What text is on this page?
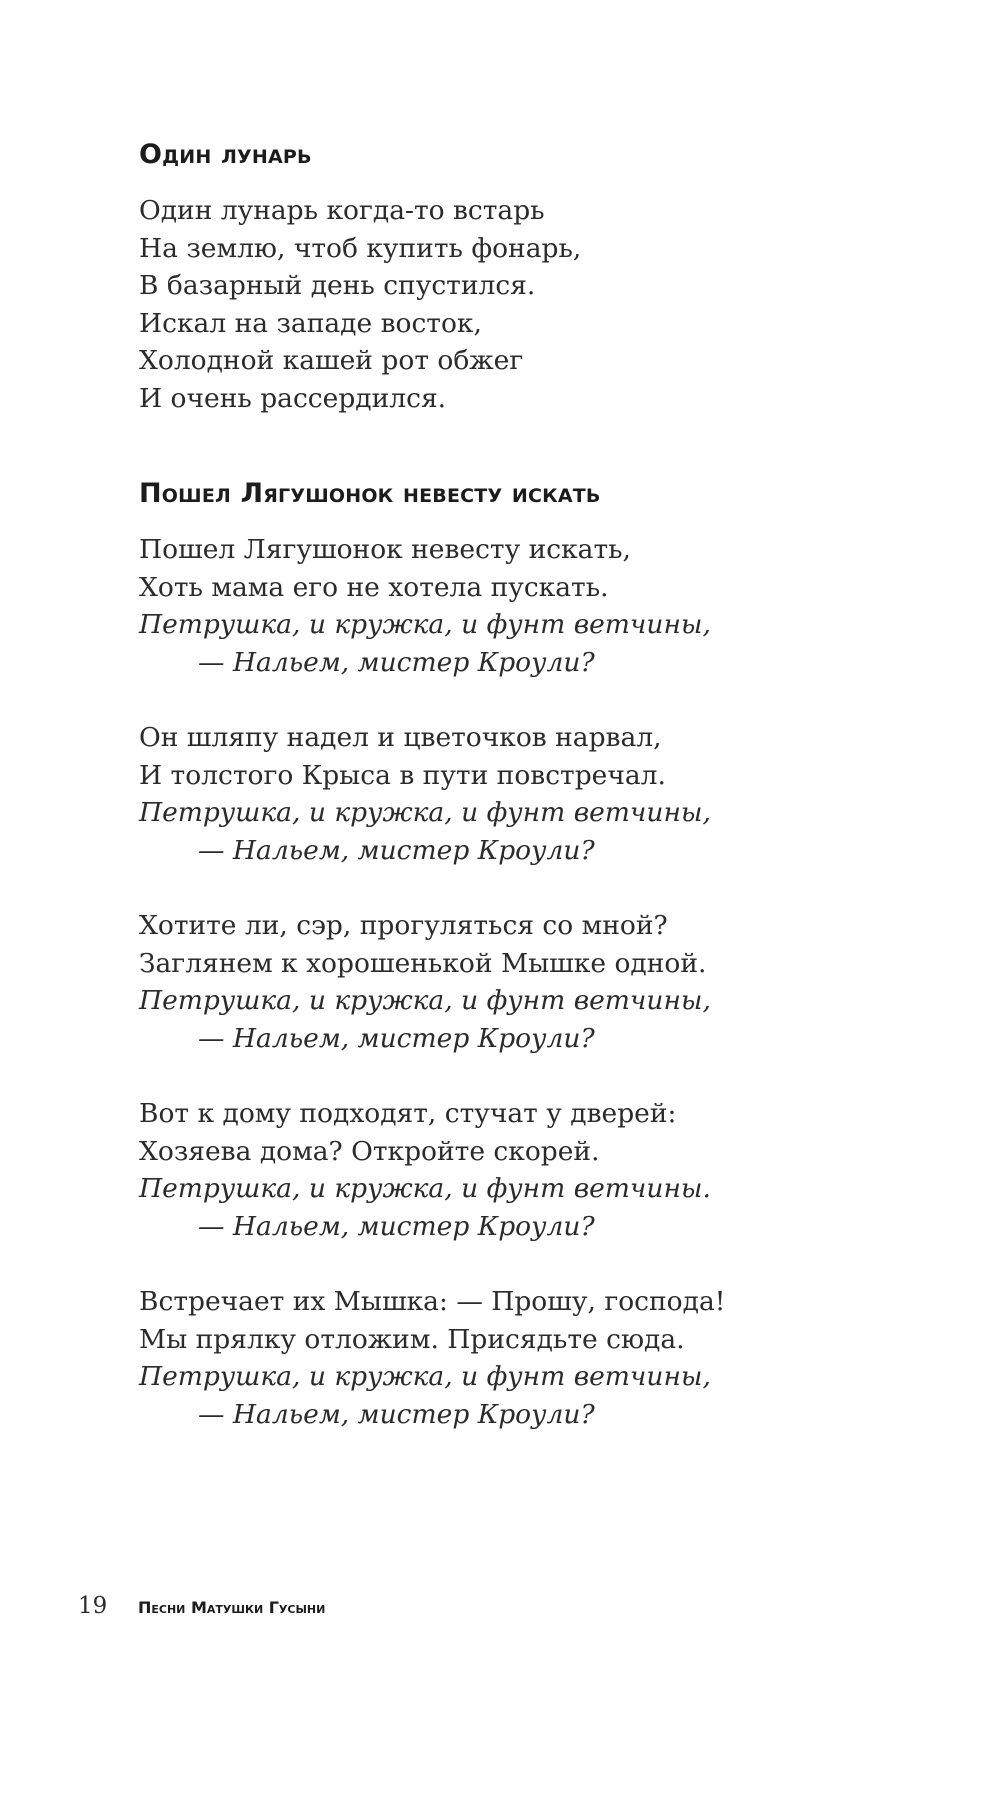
Один лунарь
Один лунарь когда-то встарь
На землю, чтоб купить фонарь,
В базарный день спустился.
Искал на западе восток,
Холодной кашей рот обжег
И очень рассердился.
Пошел Лягушонок невесту искать
Пошел Лягушонок невесту искать,
Хоть мама его не хотела пускать.
Петрушка, и кружка, и фунт ветчины,
— Нальем, мистер Кроули?
Он шляпу надел и цветочков нарвал,
И толстого Крыса в пути повстречал.
Петрушка, и кружка, и фунт ветчины,
— Нальем, мистер Кроули?
Хотите ли, сэр, прогуляться со мной?
Заглянем к хорошенькой Мышке одной.
Петрушка, и кружка, и фунт ветчины,
— Нальем, мистер Кроули?
Вот к дому подходят, стучат у дверей:
Хозяева дома? Откройте скорей.
Петрушка, и кружка, и фунт ветчины.
— Нальем, мистер Кроули?
Встречает их Мышка: — Прошу, господа!
Мы прялку отложим. Присядьте сюда.
Петрушка, и кружка, и фунт ветчины,
— Нальем, мистер Кроули?
19	Песни Матушки Гусыни
